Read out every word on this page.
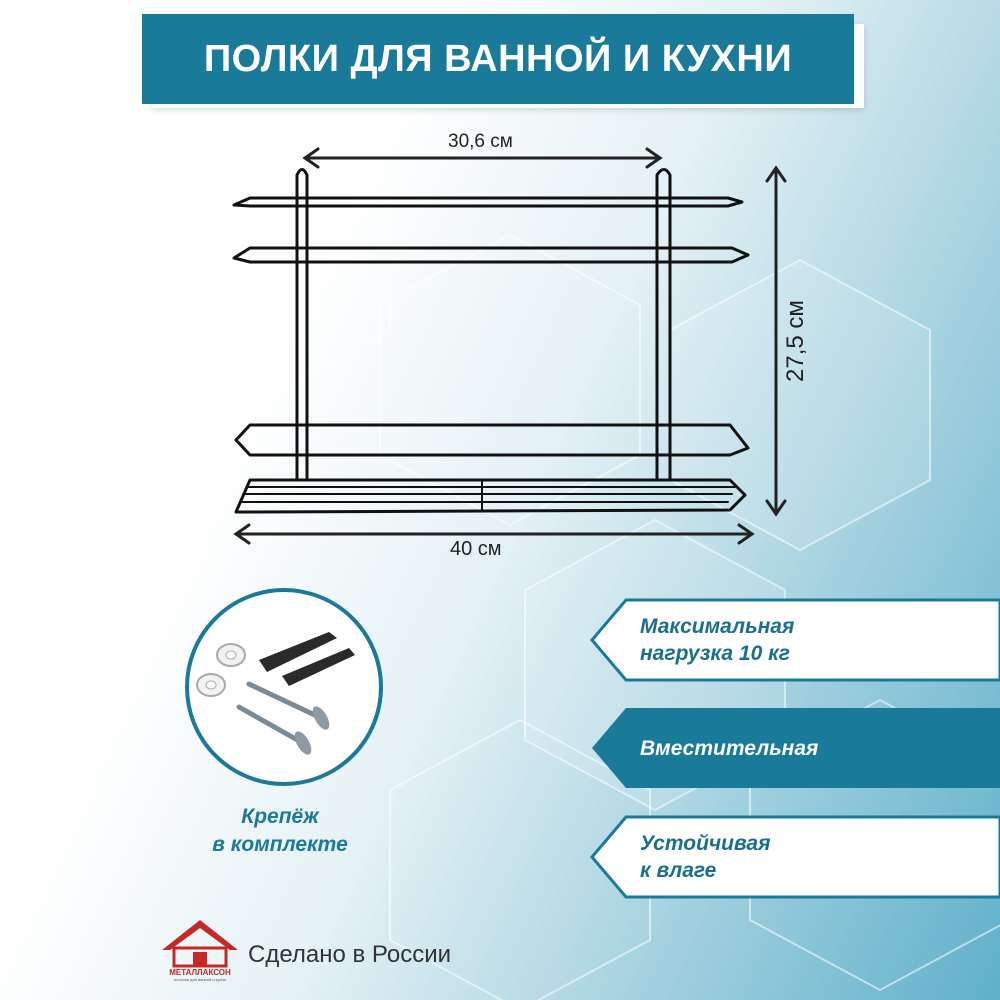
ПОЛКИ ДЛЯ ВАННОЙ И КУХНИ
30,6 см
40 см
27,5 см
Крепёж
в комплекте
Максимальная
нагрузка 10 кг
Вместительная
Устойчивая
к влаге
МЕТАЛЛАКСОН
полочки для ванной и кухни
Сделано в России
